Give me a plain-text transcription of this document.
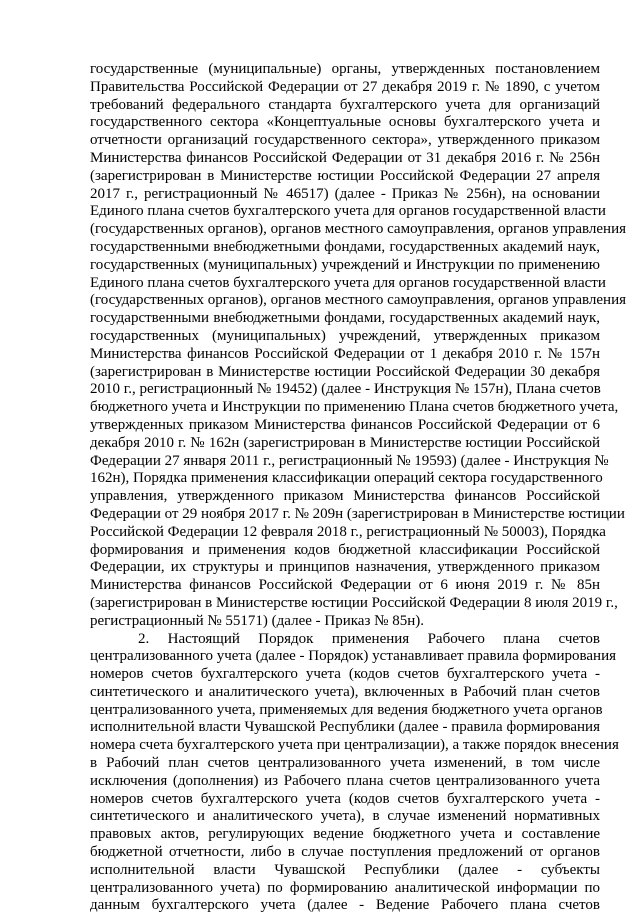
государственные (муниципальные) органы, утвержденных постановлением
Правительства Российской Федерации от 27 декабря 2019 г. № 1890, с учетом
требований федерального стандарта бухгалтерского учета для организаций
государственного сектора «Концептуальные основы бухгалтерского учета и
отчетности организаций государственного сектора», утвержденного приказом
Министерства финансов Российской Федерации от 31 декабря 2016 г. № 256н
(зарегистрирован в Министерстве юстиции Российской Федерации 27 апреля
2017 г., регистрационный № 46517) (далее - Приказ № 256н), на основании
Единого плана счетов бухгалтерского учета для органов государственной власти
(государственных органов), органов местного самоуправления, органов управления
государственными внебюджетными фондами, государственных академий наук,
государственных (муниципальных) учреждений и Инструкции по применению
Единого плана счетов бухгалтерского учета для органов государственной власти
(государственных органов), органов местного самоуправления, органов управления
государственными внебюджетными фондами, государственных академий наук,
государственных (муниципальных) учреждений, утвержденных приказом
Министерства финансов Российской Федерации от 1 декабря 2010 г. № 157н
(зарегистрирован в Министерстве юстиции Российской Федерации 30 декабря
2010 г., регистрационный № 19452) (далее - Инструкция № 157н), Плана счетов
бюджетного учета и Инструкции по применению Плана счетов бюджетного учета,
утвержденных приказом Министерства финансов Российской Федерации от 6
декабря 2010 г. № 162н (зарегистрирован в Министерстве юстиции Российской
Федерации 27 января 2011 г., регистрационный № 19593) (далее - Инструкция №
162н), Порядка применения классификации операций сектора государственного
управления, утвержденного приказом Министерства финансов Российской
Федерации от 29 ноября 2017 г. № 209н (зарегистрирован в Министерстве юстиции
Российской Федерации 12 февраля 2018 г., регистрационный № 50003), Порядка
формирования и применения кодов бюджетной классификации Российской
Федерации, их структуры и принципов назначения, утвержденного приказом
Министерства финансов Российской Федерации от 6 июня 2019 г. № 85н
(зарегистрирован в Министерстве юстиции Российской Федерации 8 июля 2019 г.,
регистрационный № 55171) (далее - Приказ № 85н).
2. Настоящий Порядок применения Рабочего плана счетов
централизованного учета (далее - Порядок) устанавливает правила формирования
номеров счетов бухгалтерского учета (кодов счетов бухгалтерского учета -
синтетического и аналитического учета), включенных в Рабочий план счетов
централизованного учета, применяемых для ведения бюджетного учета органов
исполнительной власти Чувашской Республики (далее - правила формирования
номера счета бухгалтерского учета при централизации), а также порядок внесения
в Рабочий план счетов централизованного учета изменений, в том числе
исключения (дополнения) из Рабочего плана счетов централизованного учета
номеров счетов бухгалтерского учета (кодов счетов бухгалтерского учета -
синтетического и аналитического учета), в случае изменений нормативных
правовых актов, регулирующих ведение бюджетного учета и составление
бюджетной отчетности, либо в случае поступления предложений от органов
исполнительной власти Чувашской Республики (далее - субъекты
централизованного учета) по формированию аналитической информации по
данным бухгалтерского учета (далее - Ведение Рабочего плана счетов
